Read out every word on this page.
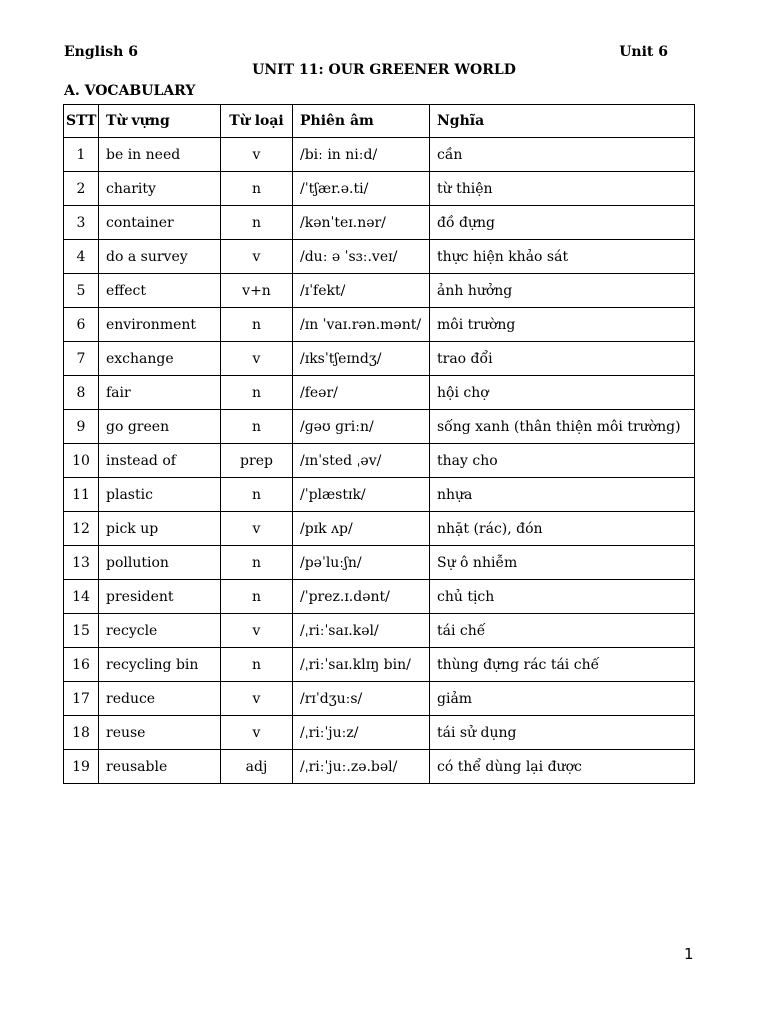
English 6	Unit 6
UNIT 11: OUR GREENER WORLD
A. VOCABULARY
STT	Từ vựng	Từ loại	Phiên âm	Nghĩa
1	be in need	v	/biː in niːd/	cần
2	charity	n	/ˈtʃær.ə.ti/	từ thiện
3	container	n	/kənˈteɪ.nər/	đồ đựng
4	do a survey	v	/duː ə ˈsɜː.veɪ/	thực hiện khảo sát
5	effect	v+n	/ɪˈfekt/	ảnh hưởng
6	environment	n	/ɪn ˈvaɪ.rən.mənt/	môi trường
7	exchange	v	/ɪksˈtʃeɪndʒ/	trao đổi
8	fair	n	/feər/	hội chợ
9	go green	n	/ɡəʊ ɡriːn/	sống xanh (thân thiện môi trường)
10	instead of	prep	/ɪnˈsted ˌəv/	thay cho
11	plastic	n	/ˈplæstɪk/	nhựa
12	pick up	v	/pɪk ʌp/	nhặt (rác), đón
13	pollution	n	/pəˈluːʃn/	Sự ô nhiễm
14	president	n	/ˈprez.ɪ.dənt/	chủ tịch
15	recycle	v	/ˌriːˈsaɪ.kəl/	tái chế
16	recycling bin	n	/ˌriːˈsaɪ.klɪŋ bin/	thùng đựng rác tái chế
17	reduce	v	/rɪˈdʒuːs/	giảm
18	reuse	v	/ˌriːˈjuːz/	tái sử dụng
19	reusable	adj	/ˌriːˈjuː.zə.bəl/	có thể dùng lại được
1
